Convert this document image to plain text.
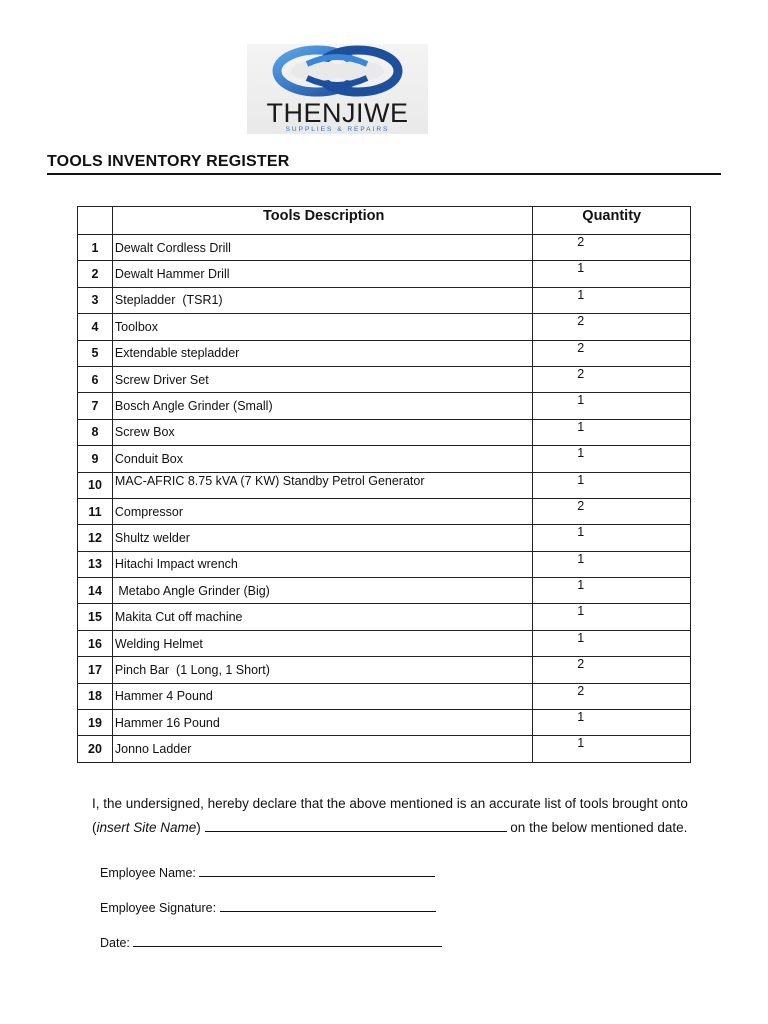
THENJIWE
SUPPLIES & REPAIRS
TOOLS INVENTORY REGISTER
	Tools Description	Quantity
1	Dewalt Cordless Drill	2
2	Dewalt Hammer Drill	1
3	Stepladder  (TSR1)	1
4	Toolbox	2
5	Extendable stepladder	2
6	Screw Driver Set	2
7	Bosch Angle Grinder (Small)	1
8	Screw Box	1
9	Conduit Box	1
10	MAC-AFRIC 8.75 kVA (7 KW) Standby Petrol Generator	1
11	Compressor	2
12	Shultz welder	1
13	Hitachi Impact wrench	1
14	Metabo Angle Grinder (Big)	1
15	Makita Cut off machine	1
16	Welding Helmet	1
17	Pinch Bar  (1 Long, 1 Short)	2
18	Hammer 4 Pound	2
19	Hammer 16 Pound	1
20	Jonno Ladder	1
I, the undersigned, hereby declare that the above mentioned is an accurate list of tools brought onto
(insert Site Name)	on the below mentioned date.
Employee Name:
Employee Signature:
Date:
